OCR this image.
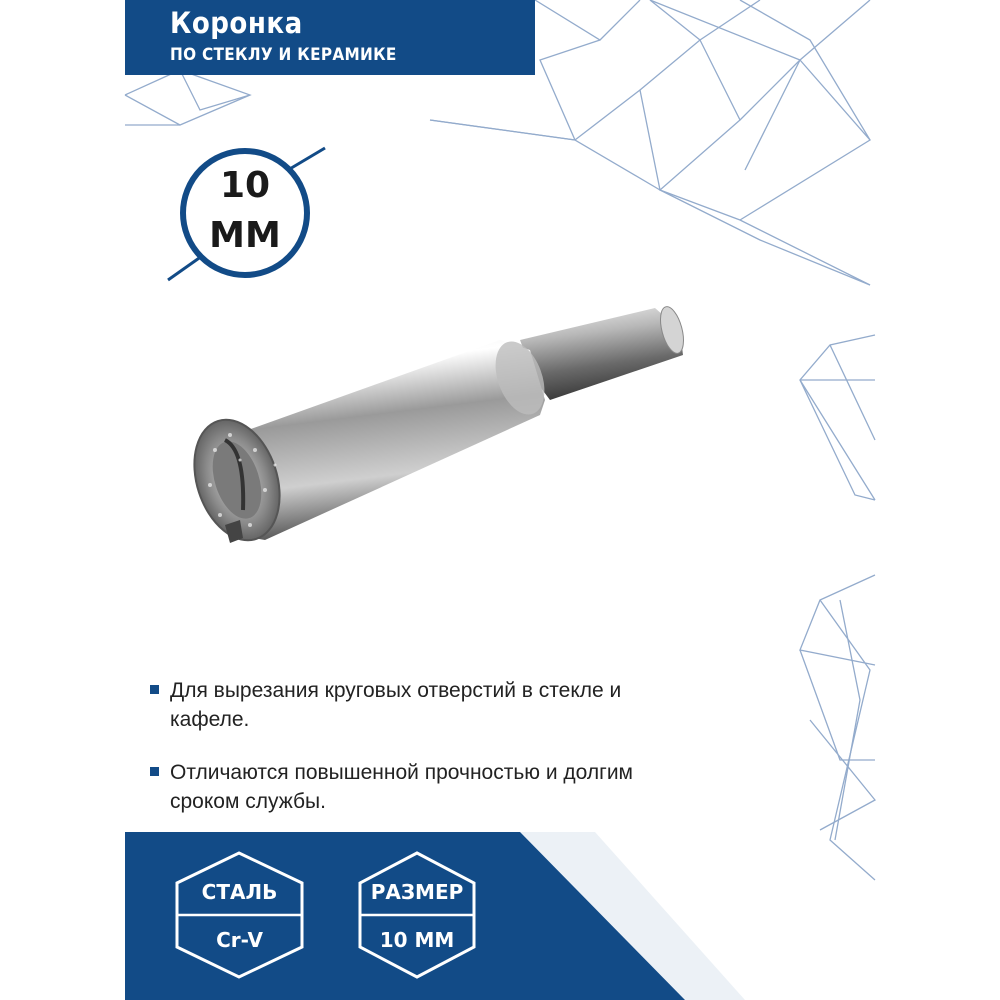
Коронка
ПО СТЕКЛУ И КЕРАМИКЕ
10
ММ
Для вырезания круговых отверстий в стекле и кафеле.
Отличаются повышенной прочностью и долгим сроком службы.
СТАЛЬ
Cr-V
РАЗМЕР
10 ММ
